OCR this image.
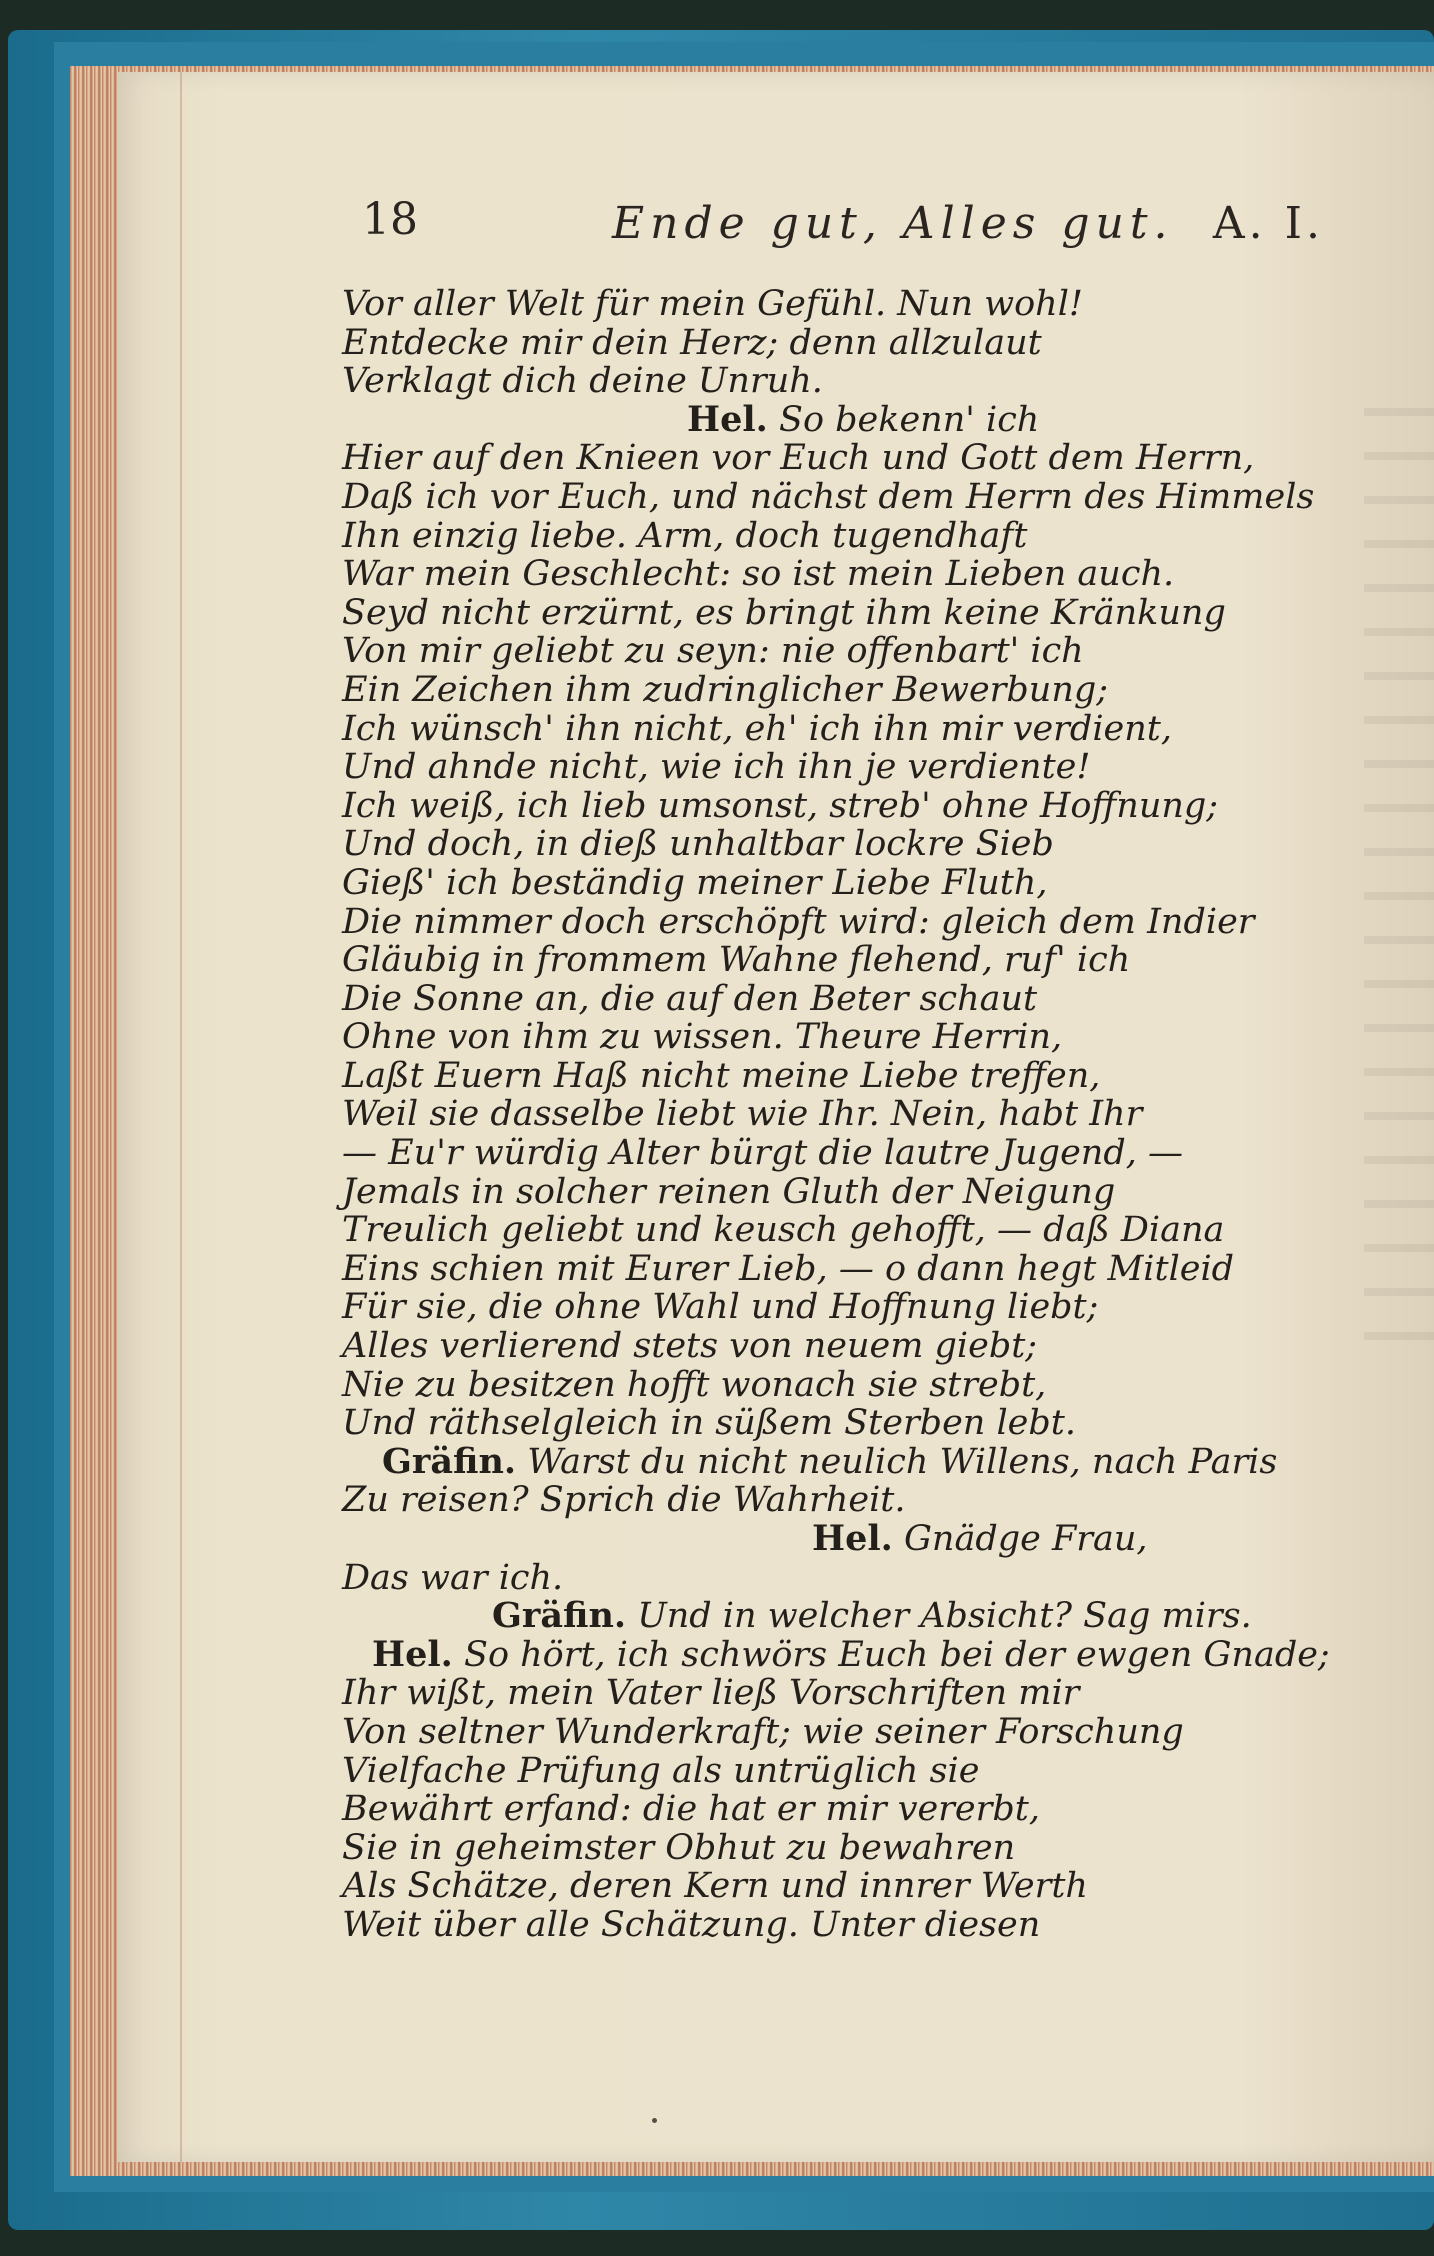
18	Ende gut, Alles gut. A. I.
Vor aller Welt für mein Gefühl. Nun wohl!
Entdecke mir dein Herz; denn allzulaut
Verklagt dich deine Unruh.
Hel. So bekenn' ich
Hier auf den Knieen vor Euch und Gott dem Herrn,
Daß ich vor Euch, und nächst dem Herrn des Himmels
Ihn einzig liebe. Arm, doch tugendhaft
War mein Geschlecht: so ist mein Lieben auch.
Seyd nicht erzürnt, es bringt ihm keine Kränkung
Von mir geliebt zu seyn: nie offenbart' ich
Ein Zeichen ihm zudringlicher Bewerbung;
Ich wünsch' ihn nicht, eh' ich ihn mir verdient,
Und ahnde nicht, wie ich ihn je verdiente!
Ich weiß, ich lieb umsonst, streb' ohne Hoffnung;
Und doch, in dieß unhaltbar lockre Sieb
Gieß' ich beständig meiner Liebe Fluth,
Die nimmer doch erschöpft wird: gleich dem Indier
Gläubig in frommem Wahne flehend, ruf' ich
Die Sonne an, die auf den Beter schaut
Ohne von ihm zu wissen. Theure Herrin,
Laßt Euern Haß nicht meine Liebe treffen,
Weil sie dasselbe liebt wie Ihr. Nein, habt Ihr
— Eu'r würdig Alter bürgt die lautre Jugend, —
Jemals in solcher reinen Gluth der Neigung
Treulich geliebt und keusch gehofft, — daß Diana
Eins schien mit Eurer Lieb, — o dann hegt Mitleid
Für sie, die ohne Wahl und Hoffnung liebt;
Alles verlierend stets von neuem giebt;
Nie zu besitzen hofft wonach sie strebt,
Und räthselgleich in süßem Sterben lebt.
Gräfin. Warst du nicht neulich Willens, nach Paris
Zu reisen? Sprich die Wahrheit.
Hel. Gnädge Frau,
Das war ich.
Gräfin. Und in welcher Absicht? Sag mirs.
Hel. So hört, ich schwörs Euch bei der ewgen Gnade;
Ihr wißt, mein Vater ließ Vorschriften mir
Von seltner Wunderkraft; wie seiner Forschung
Vielfache Prüfung als untrüglich sie
Bewährt erfand: die hat er mir vererbt,
Sie in geheimster Obhut zu bewahren
Als Schätze, deren Kern und innrer Werth
Weit über alle Schätzung. Unter diesen
